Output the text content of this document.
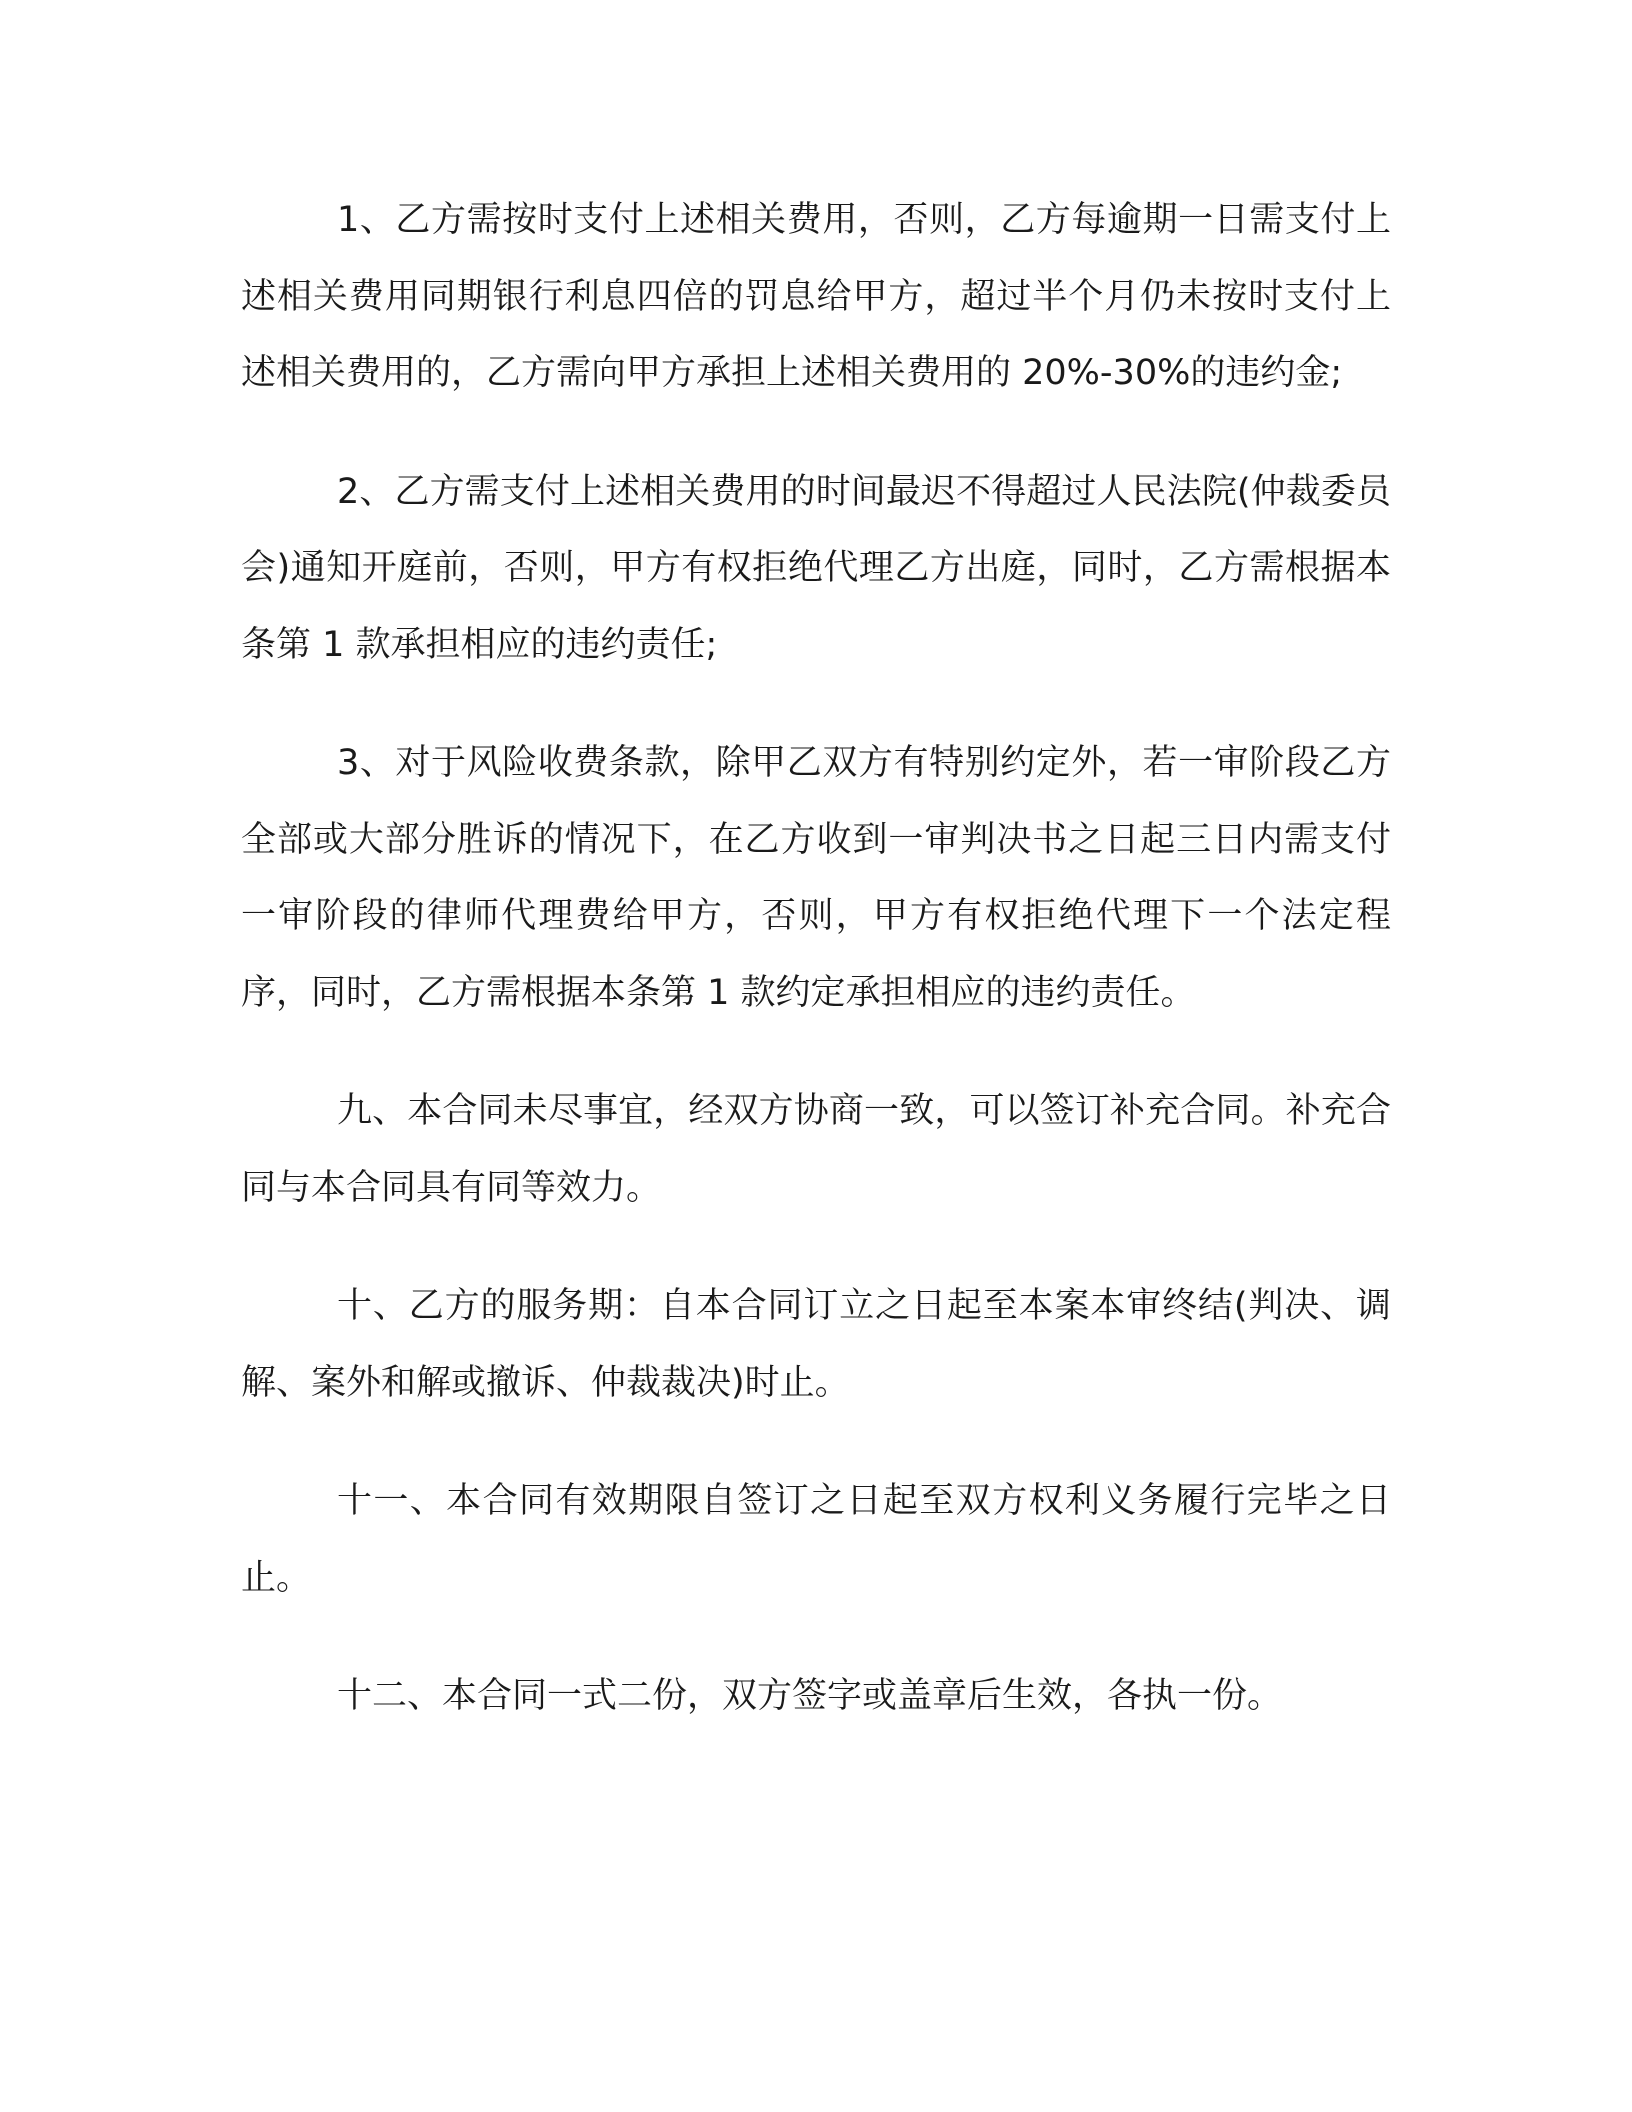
1、乙方需按时支付上述相关费用，否则，乙方每逾期一日需支付上述相关费用同期银行利息四倍的罚息给甲方，超过半个月仍未按时支付上述相关费用的，乙方需向甲方承担上述相关费用的 20%-30%的违约金;

2、乙方需支付上述相关费用的时间最迟不得超过人民法院(仲裁委员会)通知开庭前，否则，甲方有权拒绝代理乙方出庭，同时，乙方需根据本条第 1 款承担相应的违约责任;

3、对于风险收费条款，除甲乙双方有特别约定外，若一审阶段乙方全部或大部分胜诉的情况下，在乙方收到一审判决书之日起三日内需支付一审阶段的律师代理费给甲方，否则，甲方有权拒绝代理下一个法定程序，同时，乙方需根据本条第 1 款约定承担相应的违约责任。

九、本合同未尽事宜，经双方协商一致，可以签订补充合同。补充合同与本合同具有同等效力。

十、乙方的服务期：自本合同订立之日起至本案本审终结(判决、调解、案外和解或撤诉、仲裁裁决)时止。

十一、本合同有效期限自签订之日起至双方权利义务履行完毕之日止。

十二、本合同一式二份，双方签字或盖章后生效，各执一份。
